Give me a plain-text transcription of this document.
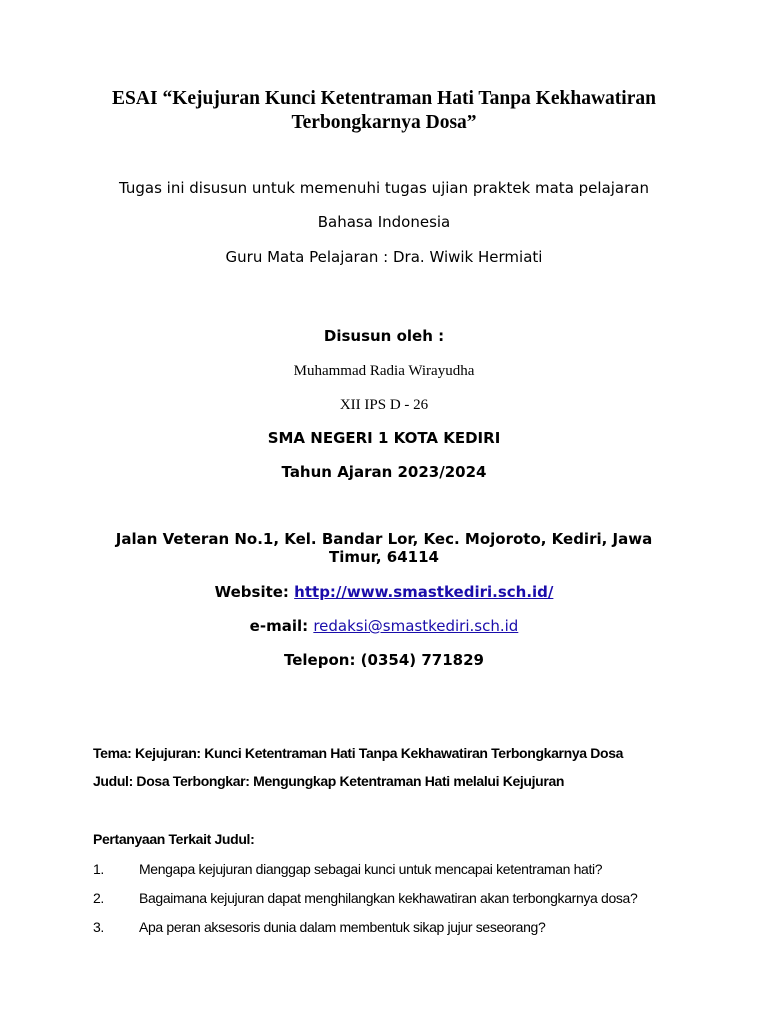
ESAI “Kejujuran Kunci Ketentraman Hati Tanpa Kekhawatiran Terbongkarnya Dosa”
Tugas ini disusun untuk memenuhi tugas ujian praktek mata pelajaran
Bahasa Indonesia
Guru Mata Pelajaran : Dra. Wiwik Hermiati
Disusun oleh :
Muhammad Radia Wirayudha
XII IPS D - 26
SMA NEGERI 1 KOTA KEDIRI
Tahun Ajaran 2023/2024
Jalan Veteran No.1, Kel. Bandar Lor, Kec. Mojoroto, Kediri, Jawa Timur, 64114
Website: http://www.smastkediri.sch.id/
e-mail: redaksi@smastkediri.sch.id
Telepon: (0354) 771829
Tema: Kejujuran: Kunci Ketentraman Hati Tanpa Kekhawatiran Terbongkarnya Dosa
Judul: Dosa Terbongkar: Mengungkap Ketentraman Hati melalui Kejujuran
Pertanyaan Terkait Judul:
1.	Mengapa kejujuran dianggap sebagai kunci untuk mencapai ketentraman hati?
2.	Bagaimana kejujuran dapat menghilangkan kekhawatiran akan terbongkarnya dosa?
3.	Apa peran aksesoris dunia dalam membentuk sikap jujur seseorang?
